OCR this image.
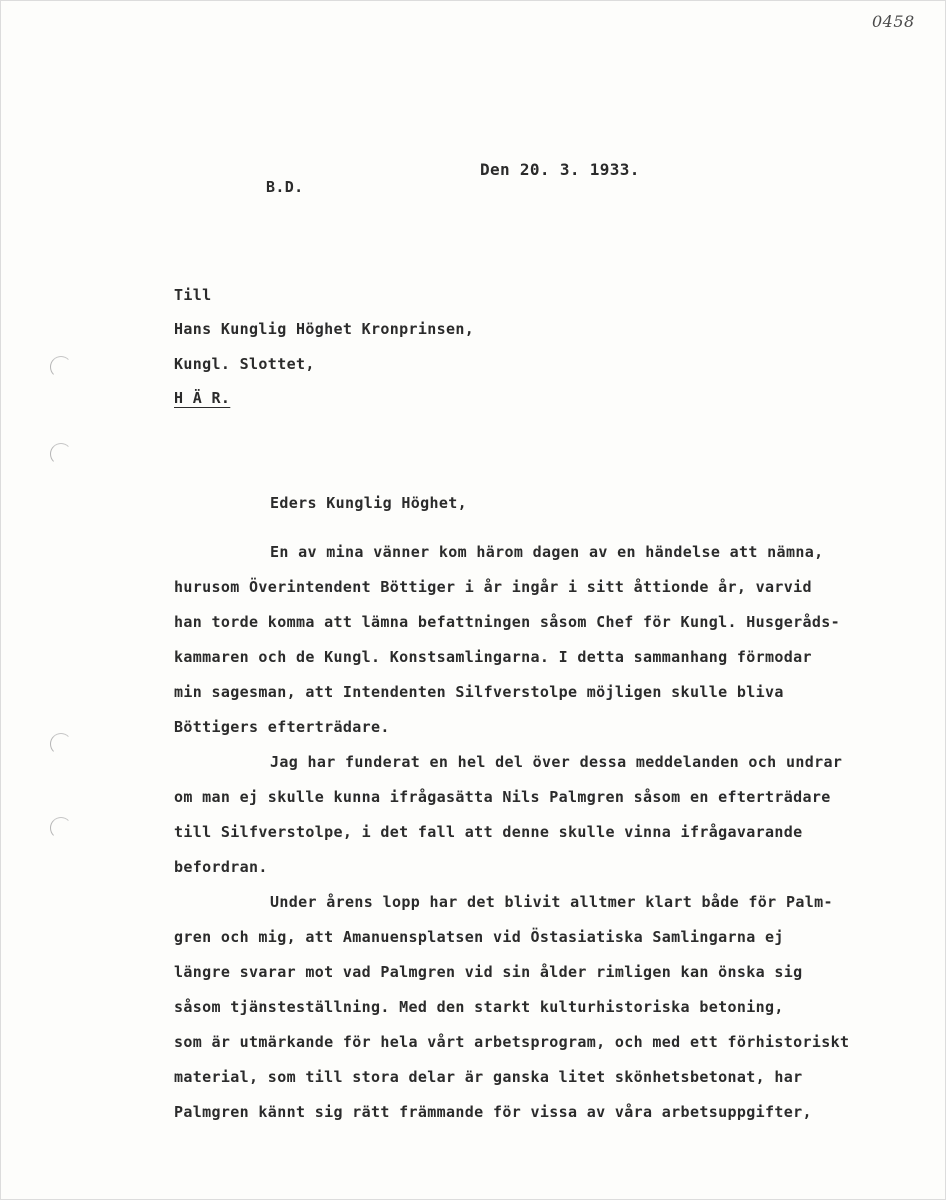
0458
Den 20. 3. 1933.
B.D.
Till
Hans Kunglig Höghet Kronprinsen,
Kungl. Slottet,
H Ä R.
Eders Kunglig Höghet,
En av mina vänner kom härom dagen av en händelse att nämna,
hurusom Överintendent Böttiger i år ingår i sitt åttionde år, varvid
han torde komma att lämna befattningen såsom Chef för Kungl. Husgeråds-
kammaren och de Kungl. Konstsamlingarna. I detta sammanhang förmodar
min sagesman, att Intendenten Silfverstolpe möjligen skulle bliva
Böttigers efterträdare.
Jag har funderat en hel del över dessa meddelanden och undrar
om man ej skulle kunna ifrågasätta Nils Palmgren såsom en efterträdare
till Silfverstolpe, i det fall att denne skulle vinna ifrågavarande
befordran.
Under årens lopp har det blivit alltmer klart både för Palm-
gren och mig, att Amanuensplatsen vid Östasiatiska Samlingarna ej
längre svarar mot vad Palmgren vid sin ålder rimligen kan önska sig
såsom tjänsteställning. Med den starkt kulturhistoriska betoning,
som är utmärkande för hela vårt arbetsprogram, och med ett förhistoriskt
material, som till stora delar är ganska litet skönhetsbetonat, har
Palmgren kännt sig rätt främmande för vissa av våra arbetsuppgifter,
